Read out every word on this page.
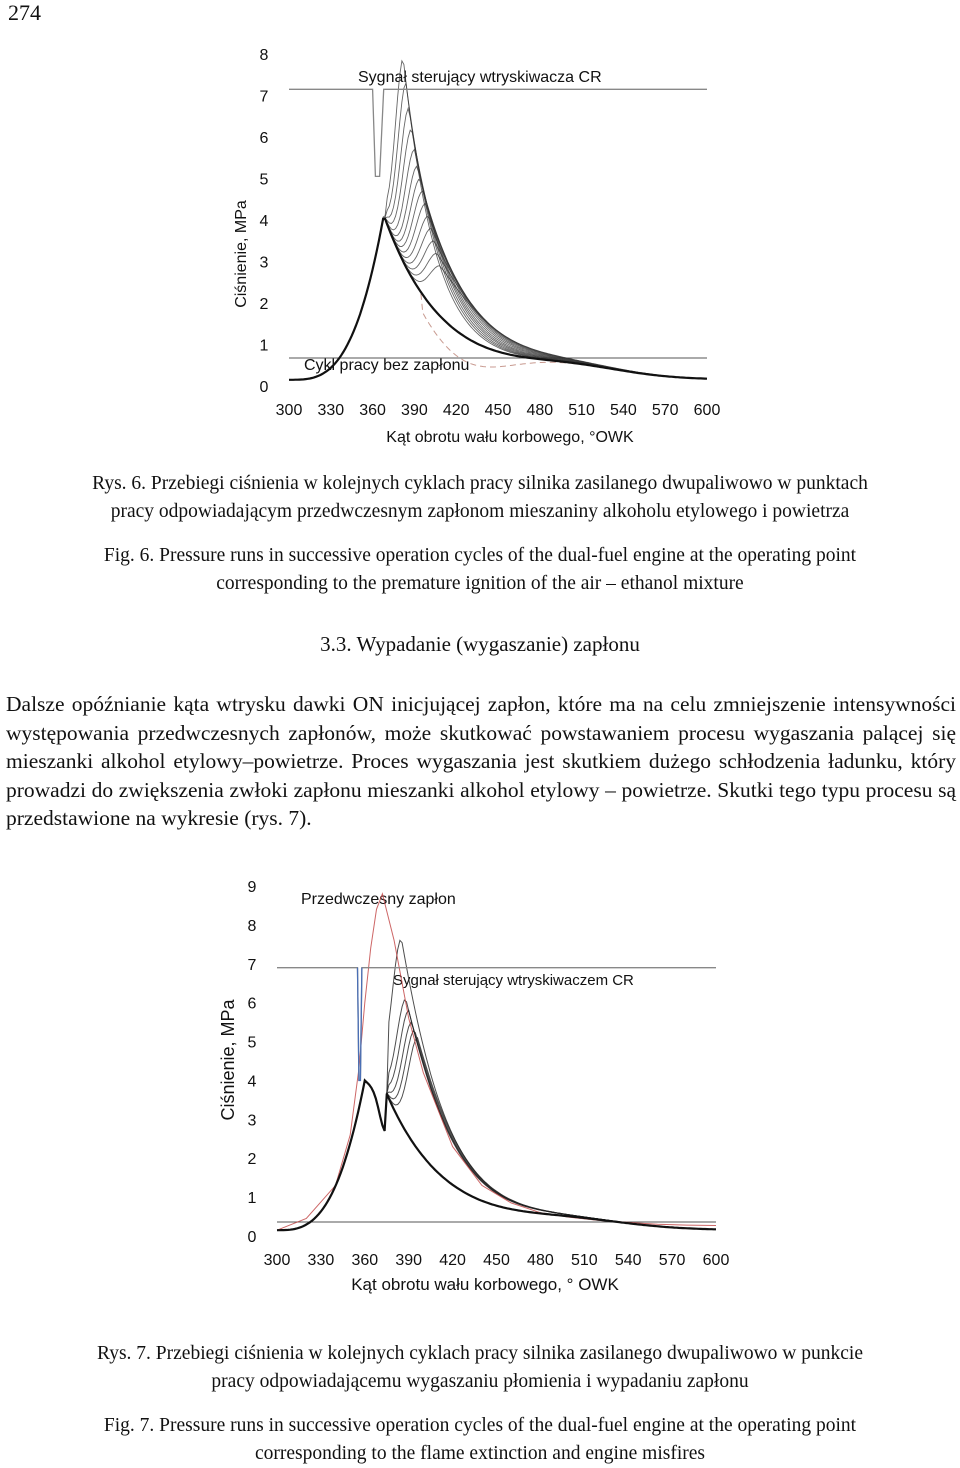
274
0
1
2
3
4
5
6
7
8
300 330 360 390 420 450 480 510 540 570 600
Ciśnienie, MPa
Kąt obrotu wału korbowego, °OWK
Sygnał sterujący wtryskiwacza CR
Cykl pracy bez zapłonu
Rys. 6. Przebiegi ciśnienia w kolejnych cyklach pracy silnika zasilanego dwupaliwowo w punktach
pracy odpowiadającym przedwczesnym zapłonom mieszaniny alkoholu etylowego i powietrza
Fig. 6. Pressure runs in successive operation cycles of the dual-fuel engine at the operating point
corresponding to the premature ignition of the air – ethanol mixture
3.3. Wypadanie (wygaszanie) zapłonu
Dalsze opóźnianie kąta wtrysku dawki ON inicjującej zapłon, które ma na celu zmniejszenie intensywności występowania przedwczesnych zapłonów, może skutkować powstawaniem procesu wygaszania palącej się mieszanki alkohol etylowy–powietrze. Proces wygaszania jest skutkiem dużego schłodzenia ładunku, który prowadzi do zwiększenia zwłoki zapłonu mieszanki alkohol etylowy – powietrze. Skutki tego typu procesu są przedstawione na wykresie (rys. 7).
0
1
2
3
4
5
6
7
8
9
300 330 360 390 420 450 480 510 540 570 600
Ciśnienie, MPa
Kąt obrotu wału korbowego, ° OWK
Przedwczesny zapłon
Sygnał sterujący wtryskiwaczem CR
Rys. 7. Przebiegi ciśnienia w kolejnych cyklach pracy silnika zasilanego dwupaliwowo w punkcie
pracy odpowiadającemu wygaszaniu płomienia i wypadaniu zapłonu
Fig. 7. Pressure runs in successive operation cycles of the dual-fuel engine at the operating point
corresponding to the flame extinction and engine misfires
